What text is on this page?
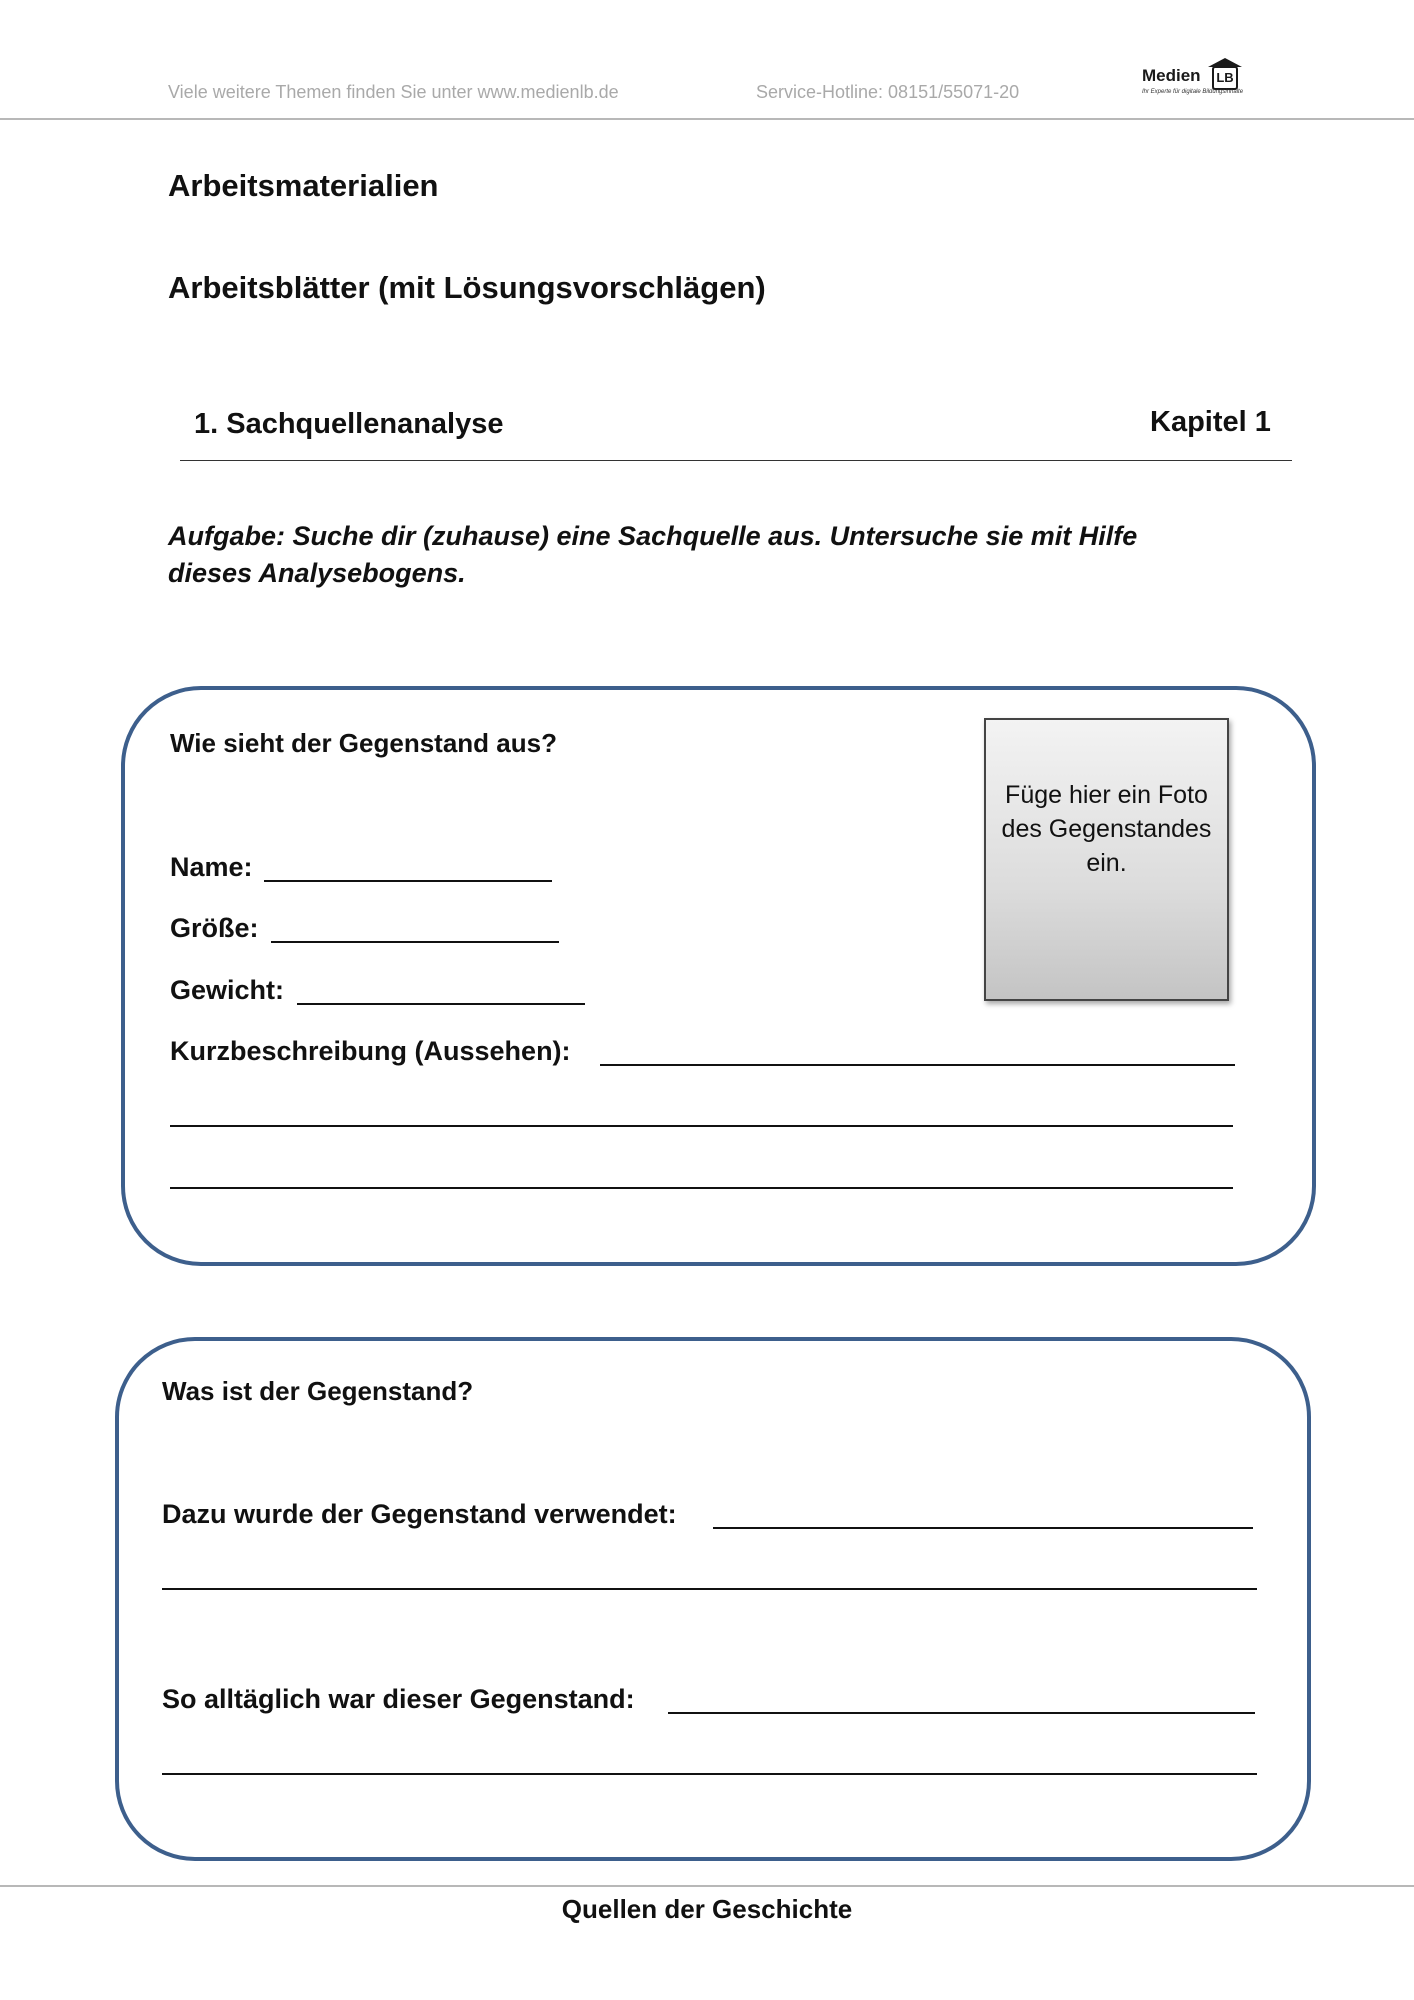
Viele weitere Themen finden Sie unter www.medienlb.de	Service-Hotline: 08151/55071-20
Medien	LB
Ihr Experte für digitale Bildungsinhalte
Arbeitsmaterialien
Arbeitsblätter (mit Lösungsvorschlägen)
1. Sachquellenanalyse	Kapitel 1
Aufgabe: Suche dir (zuhause) eine Sachquelle aus. Untersuche sie mit Hilfe dieses Analysebogens.
Wie sieht der Gegenstand aus?
Füge hier ein Foto des Gegenstandes ein.
Name:
Größe:
Gewicht:
Kurzbeschreibung (Aussehen):
Was ist der Gegenstand?
Dazu wurde der Gegenstand verwendet:
So alltäglich war dieser Gegenstand:
Quellen der Geschichte
